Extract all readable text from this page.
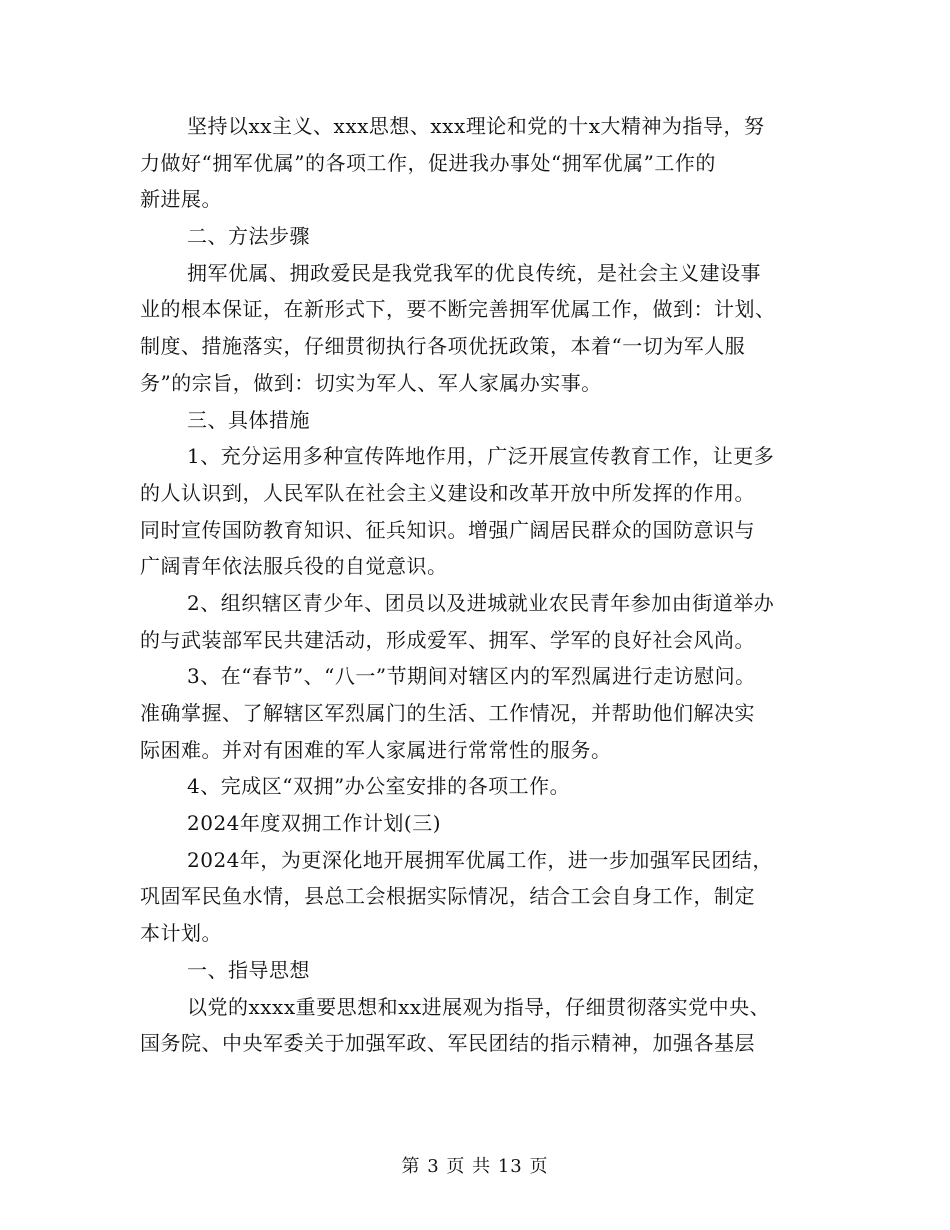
坚持以xx主义、xxx思想、xxx理论和党的十x大精神为指导，努
力做好“拥军优属”的各项工作，促进我办事处“拥军优属”工作的
新进展。
二、方法步骤
拥军优属、拥政爱民是我党我军的优良传统，是社会主义建设事
业的根本保证，在新形式下，要不断完善拥军优属工作，做到：计划、
制度、措施落实，仔细贯彻执行各项优抚政策，本着“一切为军人服
务”的宗旨，做到：切实为军人、军人家属办实事。
三、具体措施
1、充分运用多种宣传阵地作用，广泛开展宣传教育工作，让更多
的人认识到，人民军队在社会主义建设和改革开放中所发挥的作用。
同时宣传国防教育知识、征兵知识。增强广阔居民群众的国防意识与
广阔青年依法服兵役的自觉意识。
2、组织辖区青少年、团员以及进城就业农民青年参加由街道举办
的与武装部军民共建活动，形成爱军、拥军、学军的良好社会风尚。
3、在“春节”、“八一”节期间对辖区内的军烈属进行走访慰问。
准确掌握、了解辖区军烈属门的生活、工作情况，并帮助他们解决实
际困难。并对有困难的军人家属进行常常性的服务。
4、完成区“双拥”办公室安排的各项工作。
2024年度双拥工作计划(三)
2024年，为更深化地开展拥军优属工作，进一步加强军民团结，
巩固军民鱼水情，县总工会根据实际情况，结合工会自身工作，制定
本计划。
一、指导思想
以党的xxxx重要思想和xx进展观为指导，仔细贯彻落实党中央、
国务院、中央军委关于加强军政、军民团结的指示精神，加强各基层
第 3 页 共 13 页
